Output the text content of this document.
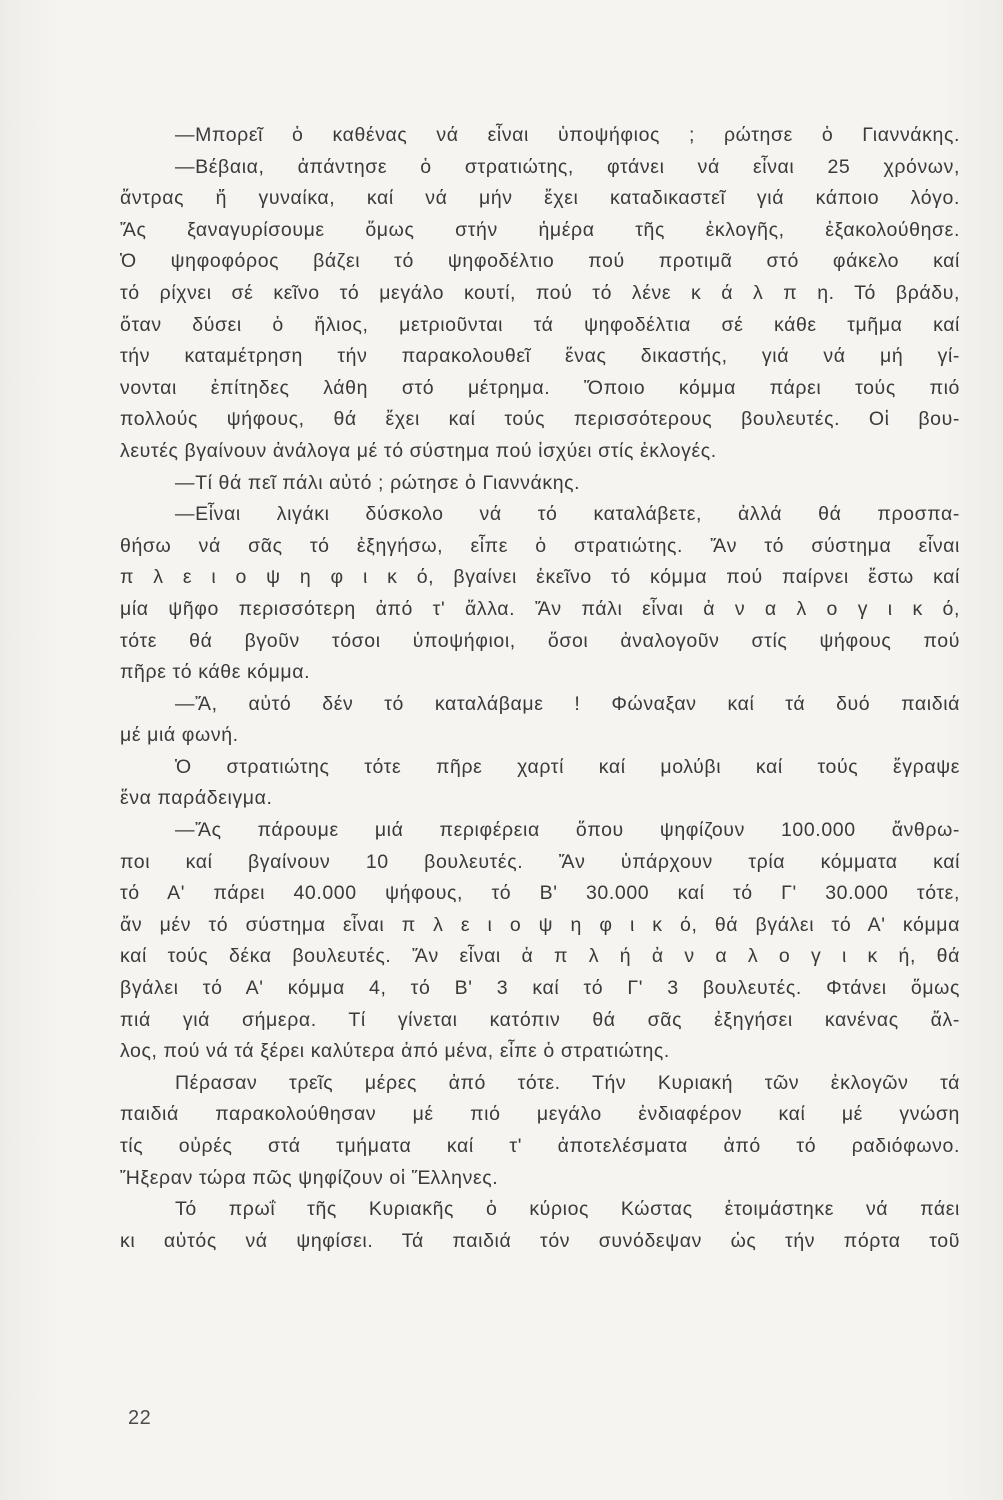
—Μπορεῖ ὁ καθένας νά εἶναι ὑποψήφιος ; ρώτησε ὁ Γιαννάκης.
—Βέβαια, ἀπάντησε ὁ στρατιώτης, φτάνει νά εἶναι 25 χρόνων,
ἄντρας ἤ γυναίκα, καί νά μήν ἔχει καταδικαστεῖ γιά κάποιο λόγο.
Ἄς ξαναγυρίσουμε ὅμως στήν ἡμέρα τῆς ἐκλογῆς, ἐξακολούθησε.
Ὁ ψηφοφόρος βάζει τό ψηφοδέλτιο πού προτιμᾶ στό φάκελο καί
τό ρίχνει σέ κεῖνο τό μεγάλο κουτί, πού τό λένε κ ά λ π η. Τό βράδυ,
ὅταν δύσει ὁ ἥλιος, μετριοῦνται τά ψηφοδέλτια σέ κάθε τμῆμα καί
τήν καταμέτρηση τήν παρακολουθεῖ ἕνας δικαστής, γιά νά μή γί-
νονται ἐπίτηδες λάθη στό μέτρημα. Ὅποιο κόμμα πάρει τούς πιό
πολλούς ψήφους, θά ἔχει καί τούς περισσότερους βουλευτές. Οἱ βου-
λευτές βγαίνουν ἀνάλογα μέ τό σύστημα πού ἰσχύει στίς ἐκλογές.
—Τί θά πεῖ πάλι αὐτό ; ρώτησε ὁ Γιαννάκης.
—Εἶναι λιγάκι δύσκολο νά τό καταλάβετε, ἀλλά θά προσπα-
θήσω νά σᾶς τό ἐξηγήσω, εἶπε ὁ στρατιώτης. Ἄν τό σύστημα εἶναι
π λ ε ι ο ψ η φ ι κ ό, βγαίνει ἐκεῖνο τό κόμμα πού παίρνει ἔστω καί
μία ψῆφο περισσότερη ἀπό τ' ἄλλα. Ἄν πάλι εἶναι ἀ ν α λ ο γ ι κ ό,
τότε θά βγοῦν τόσοι ὑποψήφιοι, ὅσοι ἀναλογοῦν στίς ψήφους πού
πῆρε τό κάθε κόμμα.
—Ἄ, αὐτό δέν τό καταλάβαμε ! Φώναξαν καί τά δυό παιδιά
μέ μιά φωνή.
Ὁ στρατιώτης τότε πῆρε χαρτί καί μολύβι καί τούς ἔγραψε
ἕνα παράδειγμα.
—Ἄς πάρουμε μιά περιφέρεια ὅπου ψηφίζουν 100.000 ἄνθρω-
ποι καί βγαίνουν 10 βουλευτές. Ἄν ὑπάρχουν τρία κόμματα καί
τό Α' πάρει 40.000 ψήφους, τό Β' 30.000 καί τό Γ' 30.000 τότε,
ἄν μέν τό σύστημα εἶναι π λ ε ι ο ψ η φ ι κ ό, θά βγάλει τό Α' κόμμα
καί τούς δέκα βουλευτές. Ἄν εἶναι ἁ π λ ή ἀ ν α λ ο γ ι κ ή, θά
βγάλει τό Α' κόμμα 4, τό Β' 3 καί τό Γ' 3 βουλευτές. Φτάνει ὅμως
πιά γιά σήμερα. Τί γίνεται κατόπιν θά σᾶς ἐξηγήσει κανένας ἄλ-
λος, πού νά τά ξέρει καλύτερα ἀπό μένα, εἶπε ὁ στρατιώτης.
Πέρασαν τρεῖς μέρες ἀπό τότε. Τήν Κυριακή τῶν ἐκλογῶν τά
παιδιά παρακολούθησαν μέ πιό μεγάλο ἐνδιαφέρον καί μέ γνώση
τίς οὐρές στά τμήματα καί τ' ἀποτελέσματα ἀπό τό ραδιόφωνο.
Ἤξεραν τώρα πῶς ψηφίζουν οἱ Ἕλληνες.
Τό πρωΐ τῆς Κυριακῆς ὁ κύριος Κώστας ἑτοιμάστηκε νά πάει
κι αὐτός νά ψηφίσει. Τά παιδιά τόν συνόδεψαν ὡς τήν πόρτα τοῦ
22
